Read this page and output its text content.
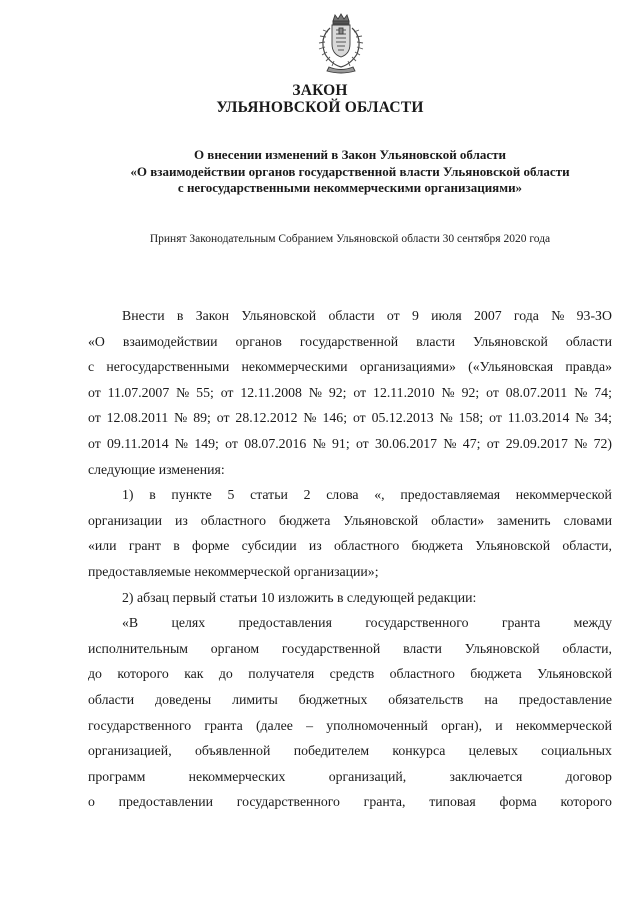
ЗАКОН
УЛЬЯНОВСКОЙ ОБЛАСТИ
О внесении изменений в Закон Ульяновской области
«О взаимодействии органов государственной власти Ульяновской области
с негосударственными некоммерческими организациями»
Принят Законодательным Собранием Ульяновской области 30 сентября 2020 года
Внести в Закон Ульяновской области от 9 июля 2007 года № 93-ЗО
«О взаимодействии органов государственной власти Ульяновской области
с негосударственными некоммерческими организациями» («Ульяновская правда»
от 11.07.2007 № 55; от 12.11.2008 № 92; от 12.11.2010 № 92; от 08.07.2011 № 74;
от 12.08.2011 № 89; от 28.12.2012 № 146; от 05.12.2013 № 158; от 11.03.2014 № 34;
от 09.11.2014 № 149; от 08.07.2016 № 91; от 30.06.2017 № 47; от 29.09.2017 № 72)
следующие изменения:
1) в пункте 5 статьи 2 слова «, предоставляемая некоммерческой
организации из областного бюджета Ульяновской области» заменить словами
«или грант в форме субсидии из областного бюджета Ульяновской области,
предоставляемые некоммерческой организации»;
2) абзац первый статьи 10 изложить в следующей редакции:
«В целях предоставления государственного гранта между
исполнительным органом государственной власти Ульяновской области,
до которого как до получателя средств областного бюджета Ульяновской
области доведены лимиты бюджетных обязательств на предоставление
государственного гранта (далее – уполномоченный орган), и некоммерческой
организацией, объявленной победителем конкурса целевых социальных
программ	некоммерческих	организаций,	заключается	договор
о предоставлении государственного гранта, типовая форма которого
